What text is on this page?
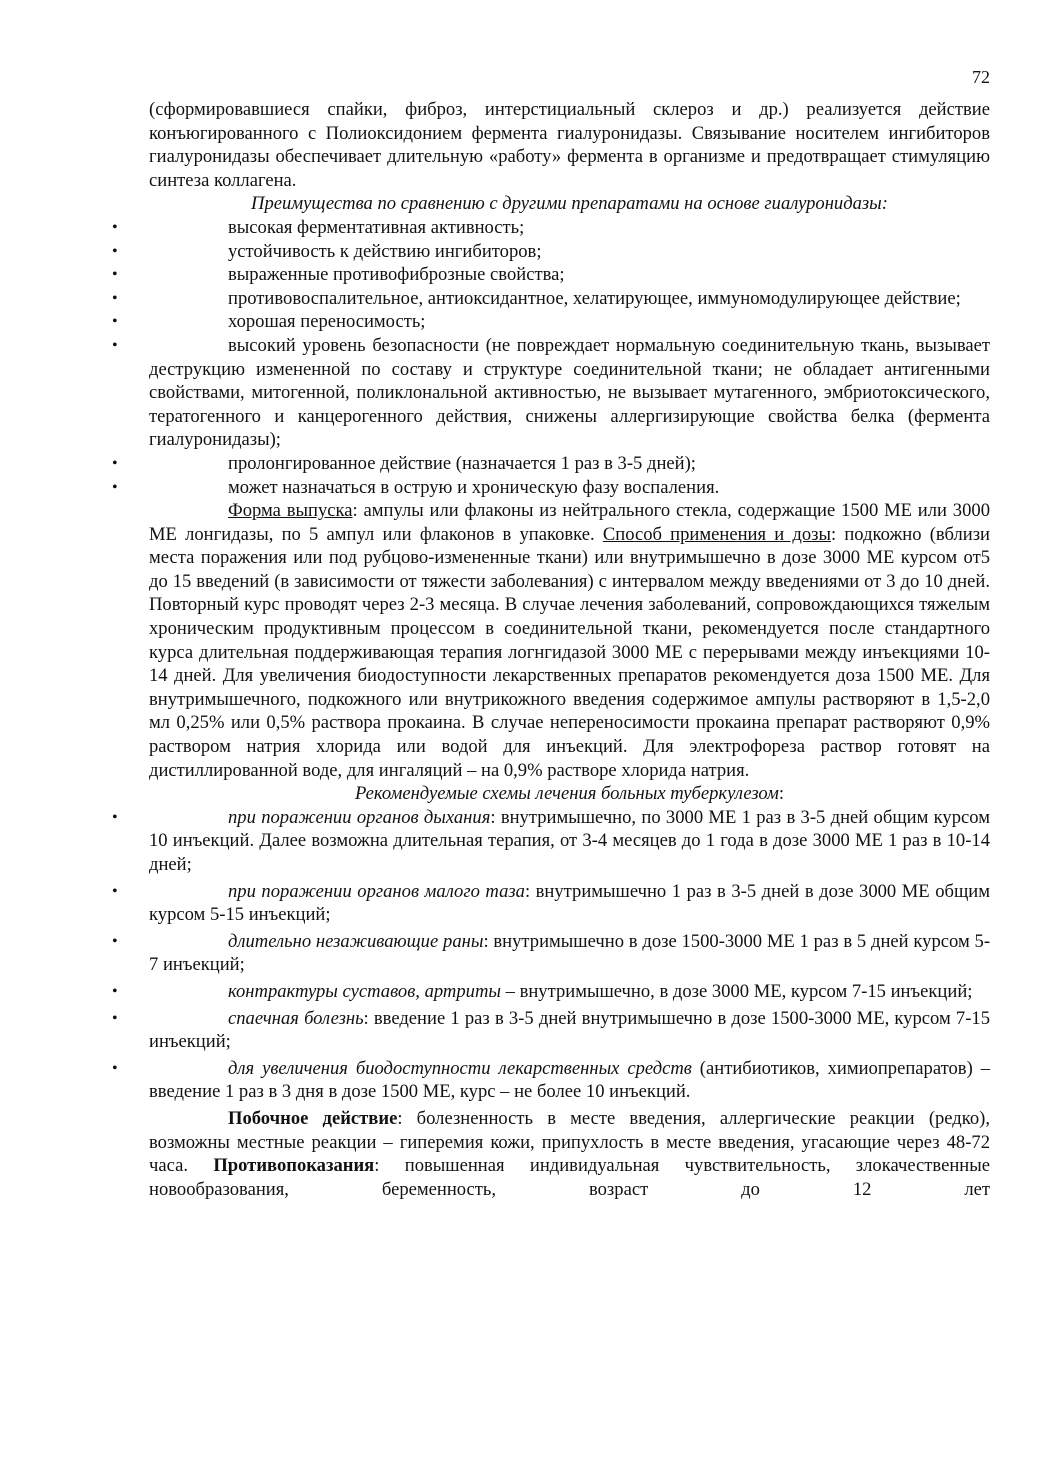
72

(сформировавшиеся спайки, фиброз, интерстициальный склероз и др.) реализуется действие конъюгированного с Полиоксидонием фермента гиалуронидазы. Связывание носителем ингибиторов гиалуронидазы обеспечивает длительную «работу» фермента в организме и предотвращает стимуляцию синтеза коллагена.

Преимущества по сравнению с другими препаратами на основе гиалуронидазы:

•	высокая ферментативная активность;
•	устойчивость к действию ингибиторов;
•	выраженные противофиброзные свойства;
•	противовоспалительное, антиоксидантное, хелатирующее, иммуномодулирующее действие;
•	хорошая переносимость;
•	высокий уровень безопасности (не повреждает нормальную соединительную ткань, вызывает деструкцию измененной по составу и структуре соединительной ткани; не обладает антигенными свойствами, митогенной, поликлональной активностью, не вызывает мутагенного, эмбриотоксического, тератогенного и канцерогенного действия, снижены аллергизирующие свойства белка (фермента гиалуронидазы);
•	пролонгированное действие (назначается 1 раз в 3-5 дней);
•	может назначаться в острую и хроническую фазу воспаления.

Форма выпуска: ампулы или флаконы из нейтрального стекла, содержащие 1500 МЕ или 3000 МЕ лонгидазы, по 5 ампул или флаконов в упаковке. Способ применения и дозы: подкожно (вблизи места поражения или под рубцово-измененные ткани) или внутримышечно в дозе 3000 МЕ курсом от5 до 15 введений (в зависимости от тяжести заболевания) с интервалом между введениями от 3 до 10 дней. Повторный курс проводят через 2-3 месяца. В случае лечения заболеваний, сопровождающихся тяжелым хроническим продуктивным процессом в соединительной ткани, рекомендуется после стандартного курса длительная поддерживающая терапия логнгидазой 3000 МЕ с перерывами между инъекциями 10-14 дней. Для увеличения биодоступности лекарственных препаратов рекомендуется доза 1500 МЕ. Для внутримышечного, подкожного или внутрикожного введения содержимое ампулы растворяют в 1,5-2,0 мл 0,25% или 0,5% раствора прокаина. В случае непереносимости прокаина препарат растворяют 0,9% раствором натрия хлорида или водой для инъекций. Для электрофореза раствор готовят на дистиллированной воде, для ингаляций – на 0,9% растворе хлорида натрия.

Рекомендуемые схемы лечения больных туберкулезом:

•	при поражении органов дыхания: внутримышечно, по 3000 МЕ 1 раз в 3-5 дней общим курсом 10 инъекций. Далее возможна длительная терапия, от 3-4 месяцев до 1 года в дозе 3000 МЕ 1 раз в 10-14 дней;
•	при поражении органов малого таза: внутримышечно 1 раз в 3-5 дней в дозе 3000 МЕ общим курсом 5-15 инъекций;
•	длительно незаживающие раны: внутримышечно в дозе 1500-3000 МЕ 1 раз в 5 дней курсом 5-7 инъекций;
•	контрактуры суставов, артриты – внутримышечно, в дозе 3000 МЕ, курсом 7-15 инъекций;
•	спаечная болезнь: введение 1 раз в 3-5 дней внутримышечно в дозе 1500-3000 МЕ, курсом 7-15 инъекций;
•	для увеличения биодоступности лекарственных средств (антибиотиков, химиопрепаратов) – введение 1 раз в 3 дня в дозе 1500 МЕ, курс – не более 10 инъекций.

Побочное действие: болезненность в месте введения, аллергические реакции (редко), возможны местные реакции – гиперемия кожи, припухлость в месте введения, угасающие через 48-72 часа. Противопоказания: повышенная индивидуальная чувствительность, злокачественные новообразования, беременность, возраст до 12 лет
